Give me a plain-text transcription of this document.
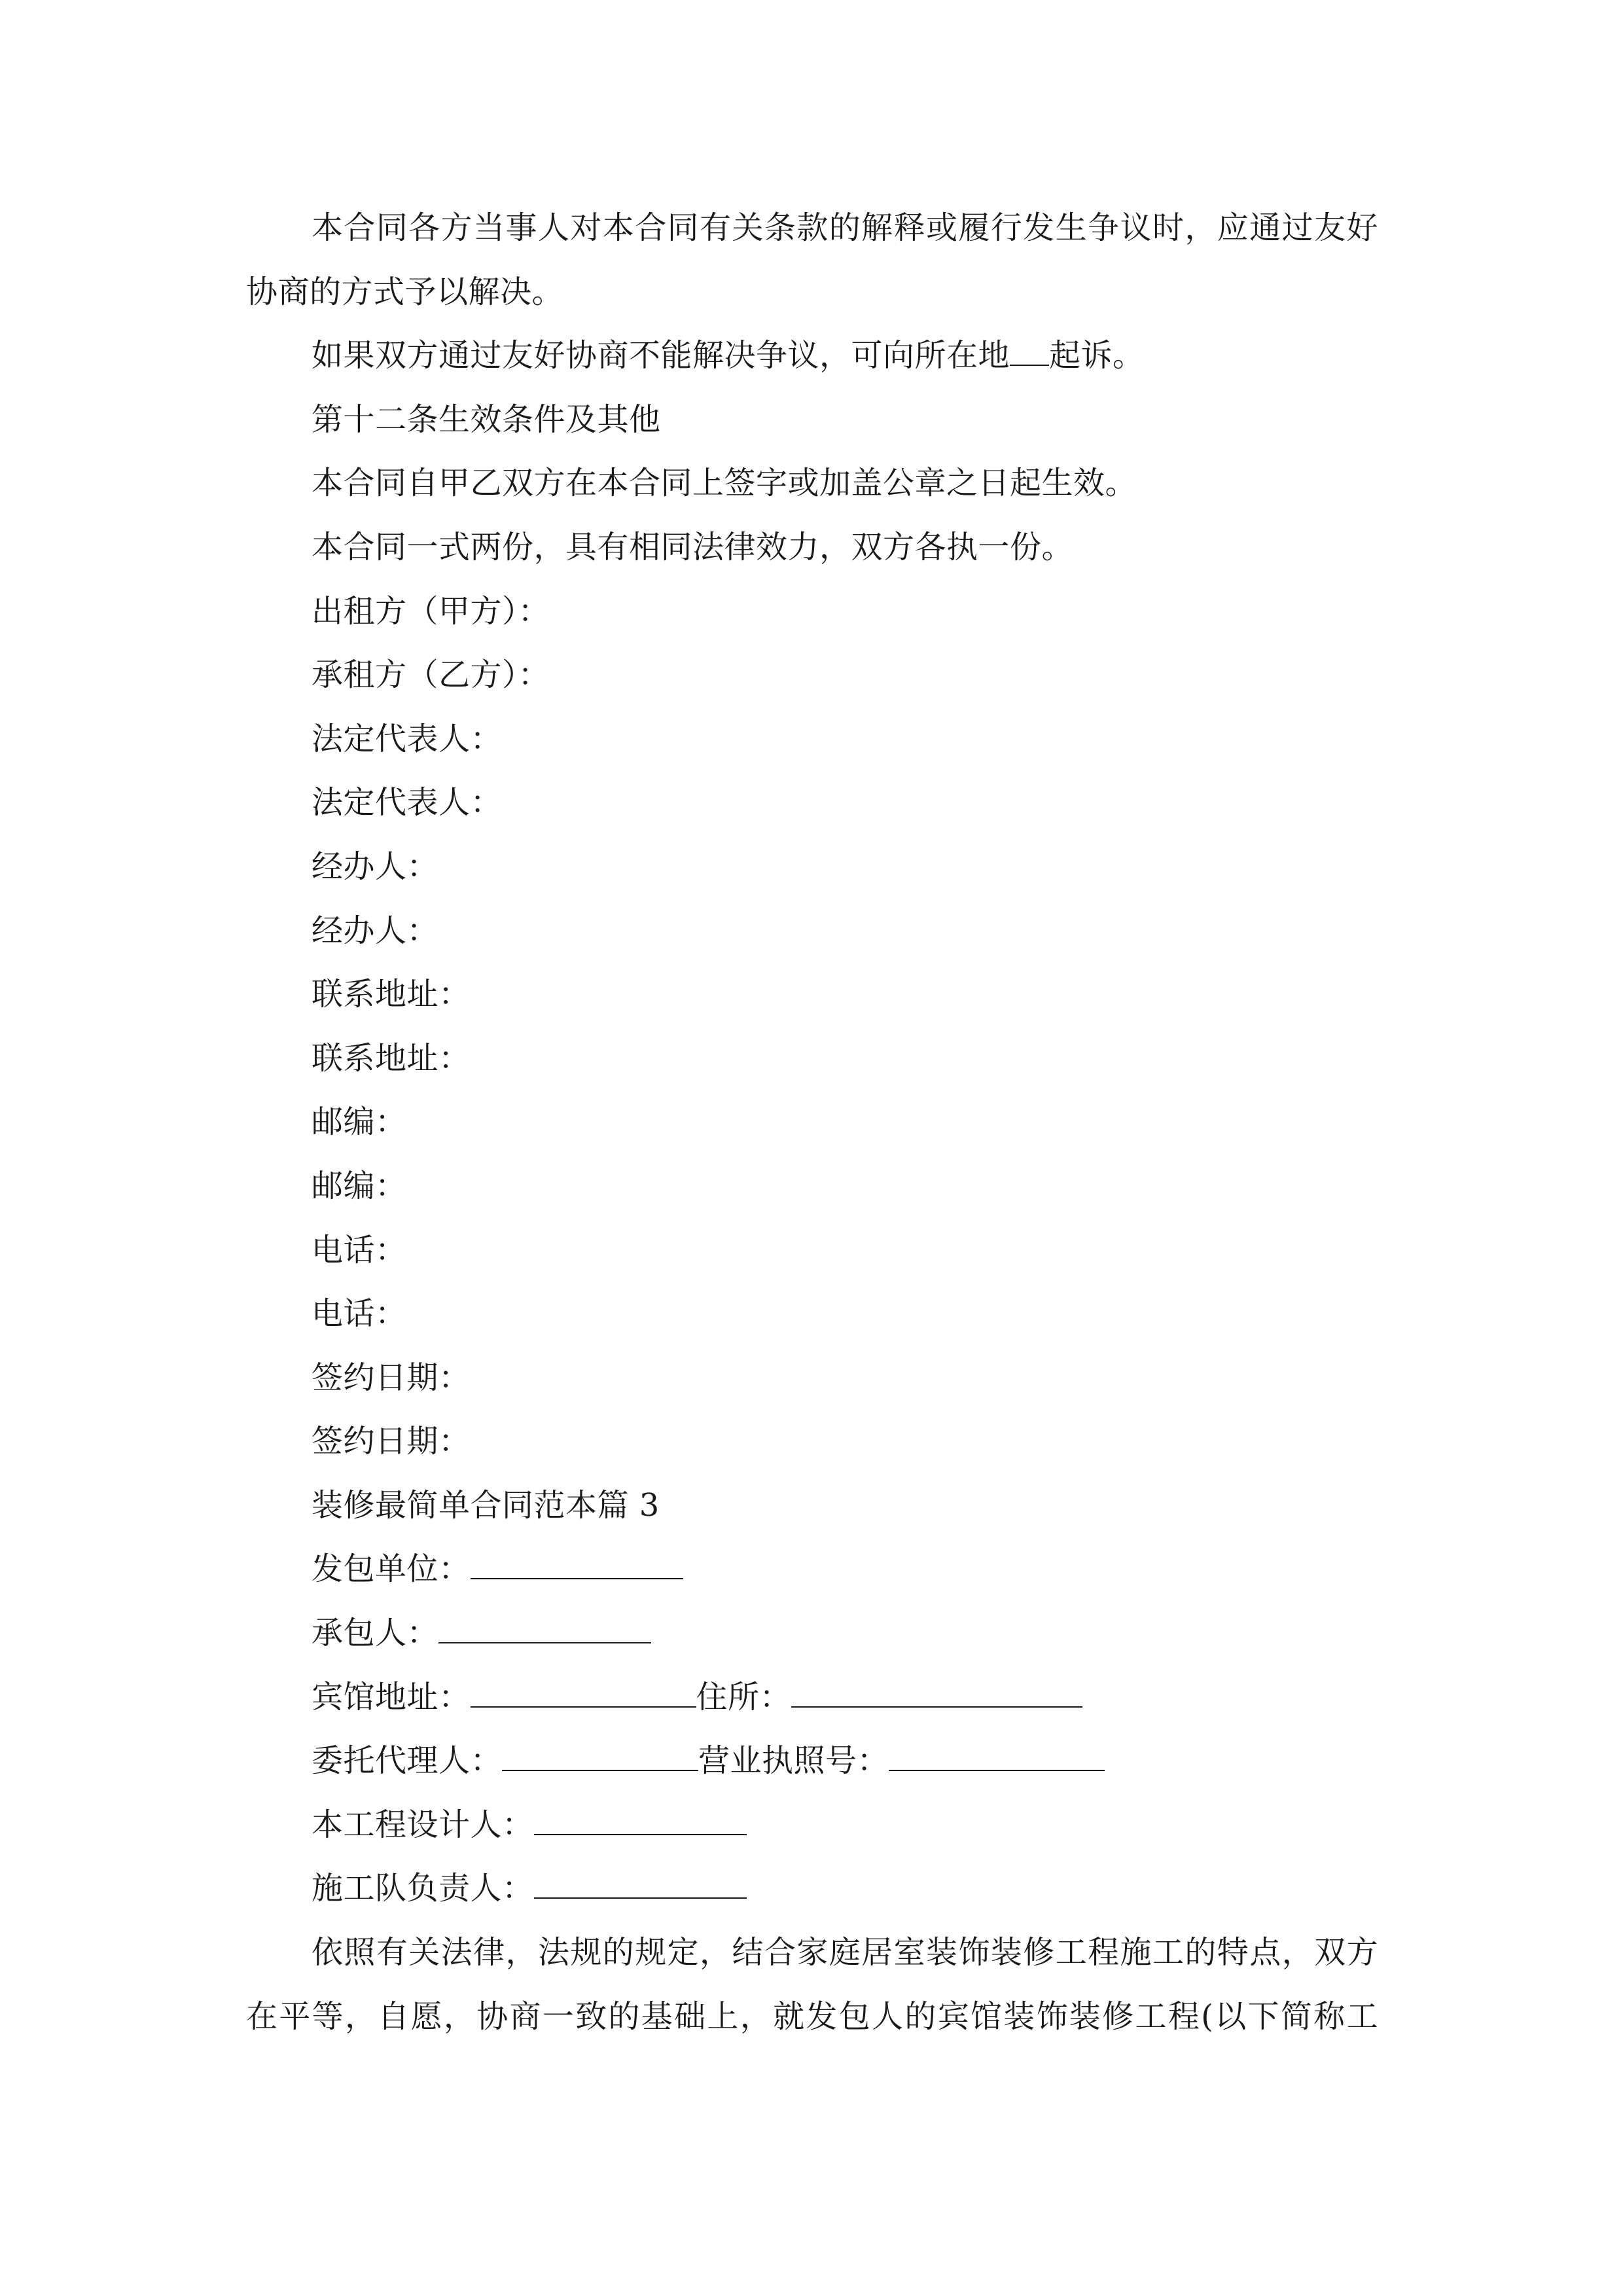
本合同各方当事人对本合同有关条款的解释或履行发生争议时，应通过友好
协商的方式予以解决。
如果双方通过友好协商不能解决争议，可向所在地 起诉。
第十二条生效条件及其他
本合同自甲乙双方在本合同上签字或加盖公章之日起生效。
本合同一式两份，具有相同法律效力，双方各执一份。
出租方（甲方）：
承租方（乙方）：
法定代表人：
法定代表人：
经办人：
经办人：
联系地址：
联系地址：
邮编：
邮编：
电话：
电话：
签约日期：
签约日期：
装修最简单合同范本篇 3
发包单位：
承包人：
宾馆地址：	住所：
委托代理人：	营业执照号：
本工程设计人：
施工队负责人：
依照有关法律，法规的规定，结合家庭居室装饰装修工程施工的特点，双方
在平等，自愿，协商一致的基础上，就发包人的宾馆装饰装修工程(以下简称工
